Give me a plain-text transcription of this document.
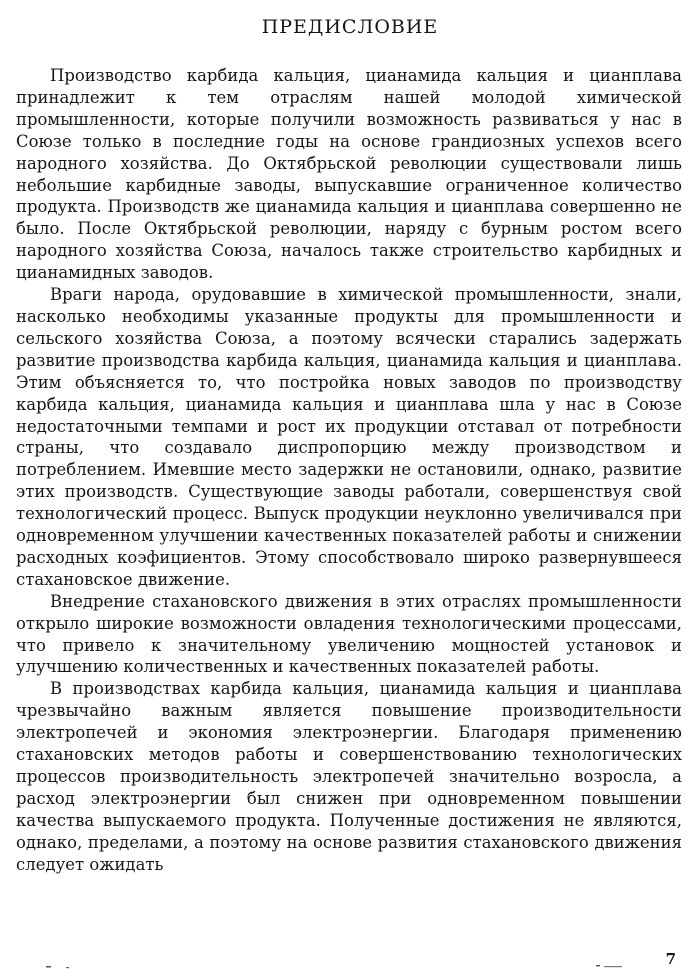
ПРЕДИСЛОВИЕ

Производство карбида кальция, цианамида кальция и цианплава принадлежит к тем отраслям нашей молодой химической промышленности, которые получили возможность развиваться у нас в Союзе только в последние годы на основе грандиозных успехов всего народного хозяйства. До Октябрьской революции существовали лишь небольшие карбидные заводы, выпускавшие ограниченное количество продукта. Производств же цианамида кальция и цианплава совершенно не было. После Октябрьской революции, наряду с бурным ростом всего народного хозяйства Союза, началось также строительство карбидных и цианамидных заводов.

Враги народа, орудовавшие в химической промышленности, знали, насколько необходимы указанные продукты для промышленности и сельского хозяйства Союза, а поэтому всячески старались задержать развитие производства карбида кальция, цианамида кальция и цианплава. Этим объясняется то, что постройка новых заводов по производству карбида кальция, цианамида кальция и цианплава шла у нас в Союзе недостаточными темпами и рост их продукции отставал от потребности страны, что создавало диспропорцию между производством и потреблением. Имевшие место задержки не остановили, однако, развитие этих производств. Существующие заводы работали, совершенствуя свой технологический процесс. Выпуск продукции неуклонно увеличивался при одновременном улучшении качественных показателей работы и снижении расходных коэфициентов. Этому способствовало широко развернувшееся стахановское движение.

Внедрение стахановского движения в этих отраслях промышленности открыло широкие возможности овладения технологическими процессами, что привело к значительному увеличению мощностей установок и улучшению количественных и качественных показателей работы.

В производствах карбида кальция, цианамида кальция и цианплава чрезвычайно важным является повышение производительности электропечей и экономия электроэнергии. Благодаря применению стахановских методов работы и совершенствованию технологических процессов производительность электропечей значительно возросла, а расход электроэнергии был снижен при одновременном повышении качества выпускаемого продукта. Полученные достижения не являются, однако, пределами, а поэтому на основе развития стахановского движения следует ожидать

7
